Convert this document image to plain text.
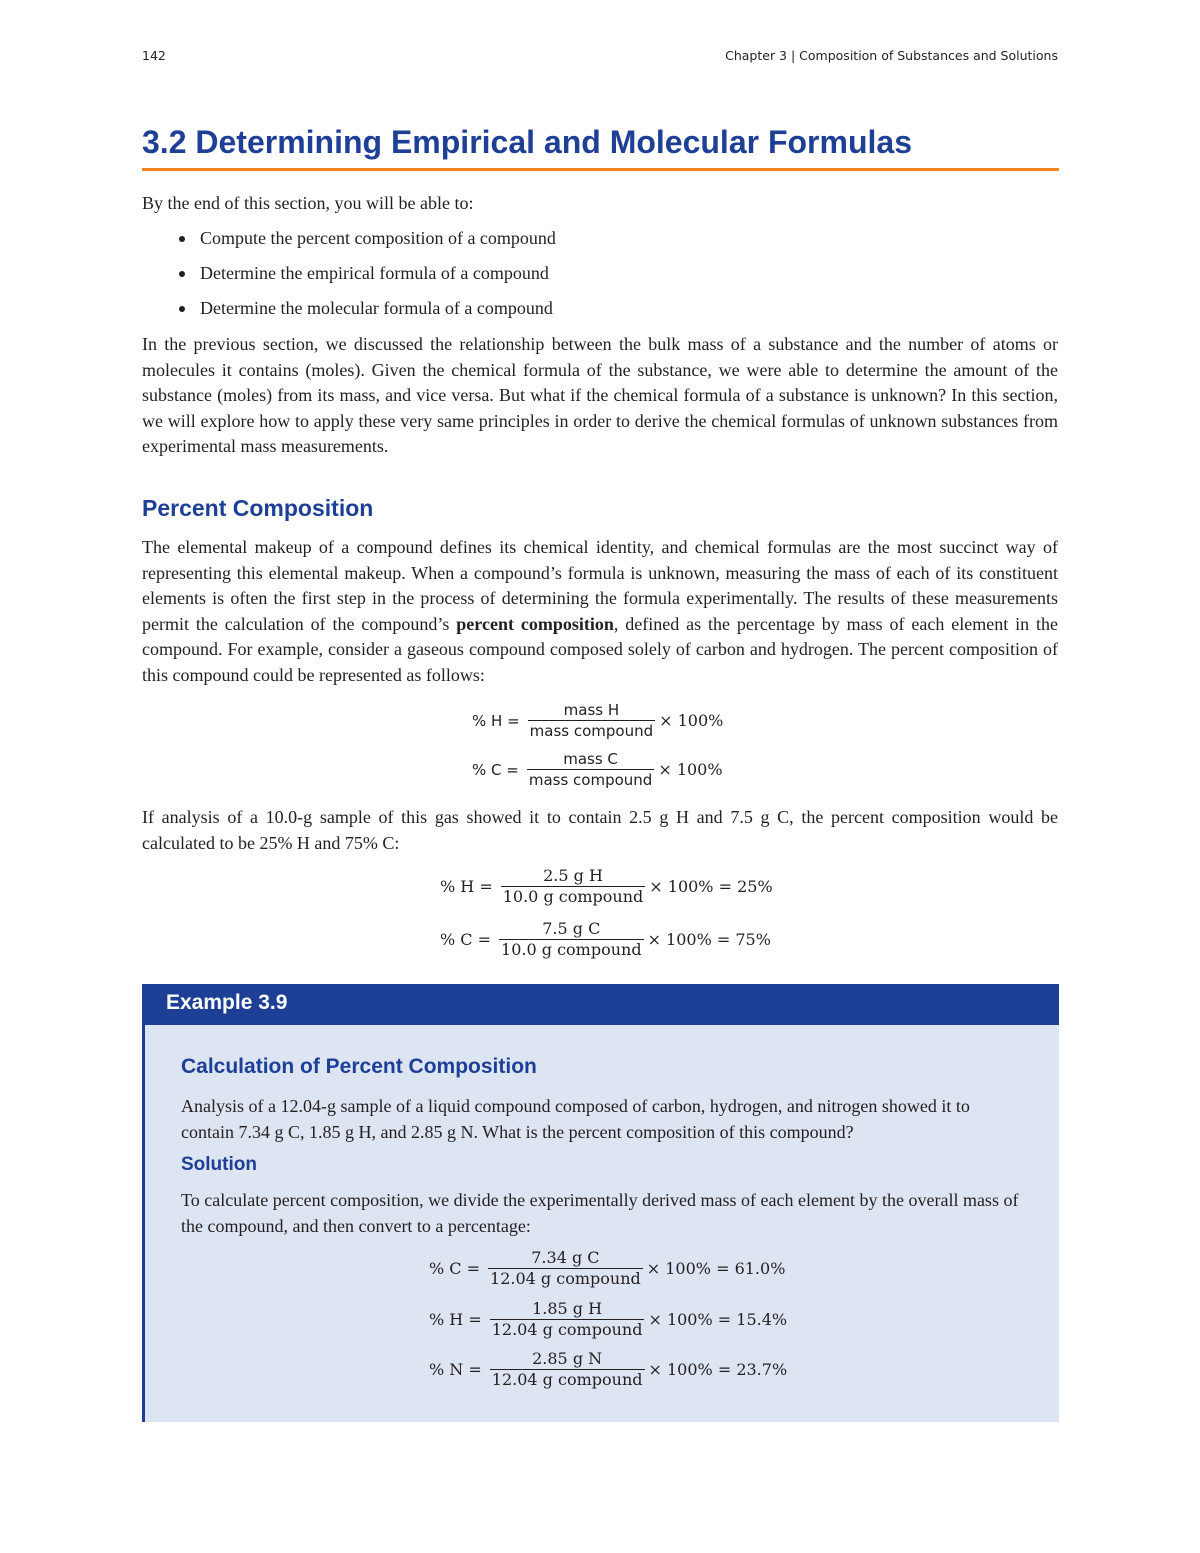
142	Chapter 3 | Composition of Substances and Solutions
3.2 Determining Empirical and Molecular Formulas

By the end of this section, you will be able to:

Compute the percent composition of a compound
Determine the empirical formula of a compound
Determine the molecular formula of a compound

In the previous section, we discussed the relationship between the bulk mass of a substance and the number of atoms or molecules it contains (moles). Given the chemical formula of the substance, we were able to determine the amount of the substance (moles) from its mass, and vice versa. But what if the chemical formula of a substance is unknown? In this section, we will explore how to apply these very same principles in order to derive the chemical formulas of unknown substances from experimental mass measurements.

Percent Composition

The elemental makeup of a compound defines its chemical identity, and chemical formulas are the most succinct way of representing this elemental makeup. When a compound’s formula is unknown, measuring the mass of each of its constituent elements is often the first step in the process of determining the formula experimentally. The results of these measurements permit the calculation of the compound’s percent composition, defined as the percentage by mass of each element in the compound. For example, consider a gaseous compound composed solely of carbon and hydrogen. The percent composition of this compound could be represented as follows:

% $H = \frac{\text{mass H}}{\text{mass compound}} \times 100\%$
% $C = \frac{\text{mass C}}{\text{mass compound}} \times 100\%$

If analysis of a 10.0-g sample of this gas showed it to contain 2.5 g H and 7.5 g C, the percent composition would be calculated to be 25% H and 75% C:

% $H = \frac{\text{2.5 g H}}{\text{10.0 g compound}} \times 100\% = 25\%$
% $C = \frac{\text{7.5 g C}}{\text{10.0 g compound}} \times 100\% = 75\%$
Example 3.9
Calculation of Percent Composition

Analysis of a 12.04-g sample of a liquid compound composed of carbon, hydrogen, and nitrogen showed it to contain 7.34 g C, 1.85 g H, and 2.85 g N. What is the percent composition of this compound?

Solution

To calculate percent composition, we divide the experimentally derived mass of each element by the overall mass of the compound, and then convert to a percentage:

% $C = \frac{\text{7.34 g C}}{\text{12.04 g compound}} \times 100\% = 61.0\%$
% $H = \frac{\text{1.85 g H}}{\text{12.04 g compound}} \times 100\% = 15.4\%$
% $N = \frac{\text{2.85 g N}}{\text{12.04 g compound}} \times 100\% = 23.7\%$
